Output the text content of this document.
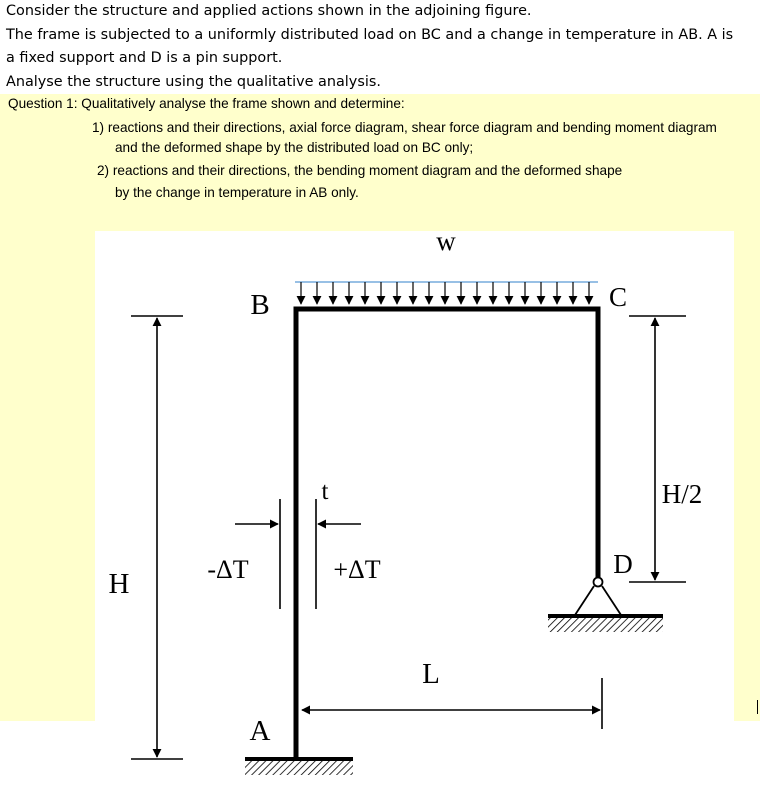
Consider the structure and applied actions shown in the adjoining figure.

The frame is subjected to a uniformly distributed load on BC and a change in temperature in AB. A is

a fixed support and D is a pin support.

Analyse the structure using the qualitative analysis.

Question 1: Qualitatively analyse the frame shown and determine:
1) reactions and their directions, axial force diagram, shear force diagram and bending moment diagram
and the deformed shape by the distributed load on BC only;
2) reactions and their directions, the bending moment diagram and the deformed shape
by the change in temperature in AB only.
w
B	C
D
A
H
H/2
L
t
-ΔT	+ΔT
